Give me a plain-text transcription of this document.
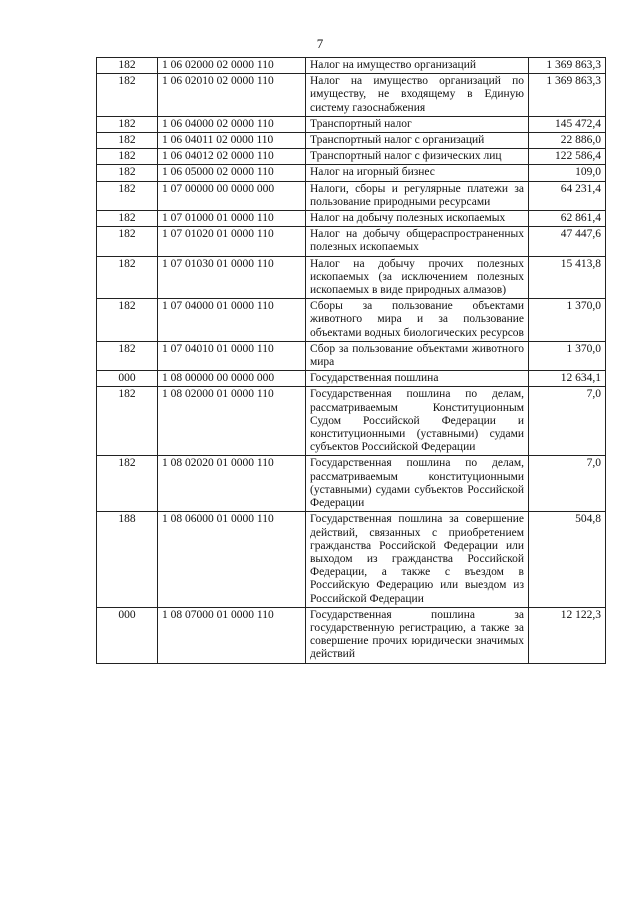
7
182	1 06 02000 02 0000 110	Налог на имущество организаций	1 369 863,3
182	1 06 02010 02 0000 110	Налог на имущество организаций по имуществу, не входящему в Единую систему газоснабжения	1 369 863,3
182	1 06 04000 02 0000 110	Транспортный налог	145 472,4
182	1 06 04011 02 0000 110	Транспортный налог с организаций	22 886,0
182	1 06 04012 02 0000 110	Транспортный налог с физических лиц	122 586,4
182	1 06 05000 02 0000 110	Налог на игорный бизнес	109,0
182	1 07 00000 00 0000 000	Налоги, сборы и регулярные платежи за пользование природными ресурсами	64 231,4
182	1 07 01000 01 0000 110	Налог на добычу полезных ископаемых	62 861,4
182	1 07 01020 01 0000 110	Налог на добычу общераспространенных полезных ископаемых	47 447,6
182	1 07 01030 01 0000 110	Налог на добычу прочих полезных ископаемых (за исключением полезных ископаемых в виде природных алмазов)	15 413,8
182	1 07 04000 01 0000 110	Сборы за пользование объектами животного мира и за пользование объектами водных биологических ресурсов	1 370,0
182	1 07 04010 01 0000 110	Сбор за пользование объектами животного мира	1 370,0
000	1 08 00000 00 0000 000	Государственная пошлина	12 634,1
182	1 08 02000 01 0000 110	Государственная пошлина по делам, рассматриваемым Конституционным Судом Российской Федерации и конституционными (уставными) судами субъектов Российской Федерации	7,0
182	1 08 02020 01 0000 110	Государственная пошлина по делам, рассматриваемым конституционными (уставными) судами субъектов Российской Федерации	7,0
188	1 08 06000 01 0000 110	Государственная пошлина за совершение действий, связанных с приобретением гражданства Российской Федерации или выходом из гражданства Российской Федерации, а также с въездом в Российскую Федерацию или выездом из Российской Федерации	504,8
000	1 08 07000 01 0000 110	Государственная пошлина за государственную регистрацию, а также за совершение прочих юридически значимых действий	12 122,3
